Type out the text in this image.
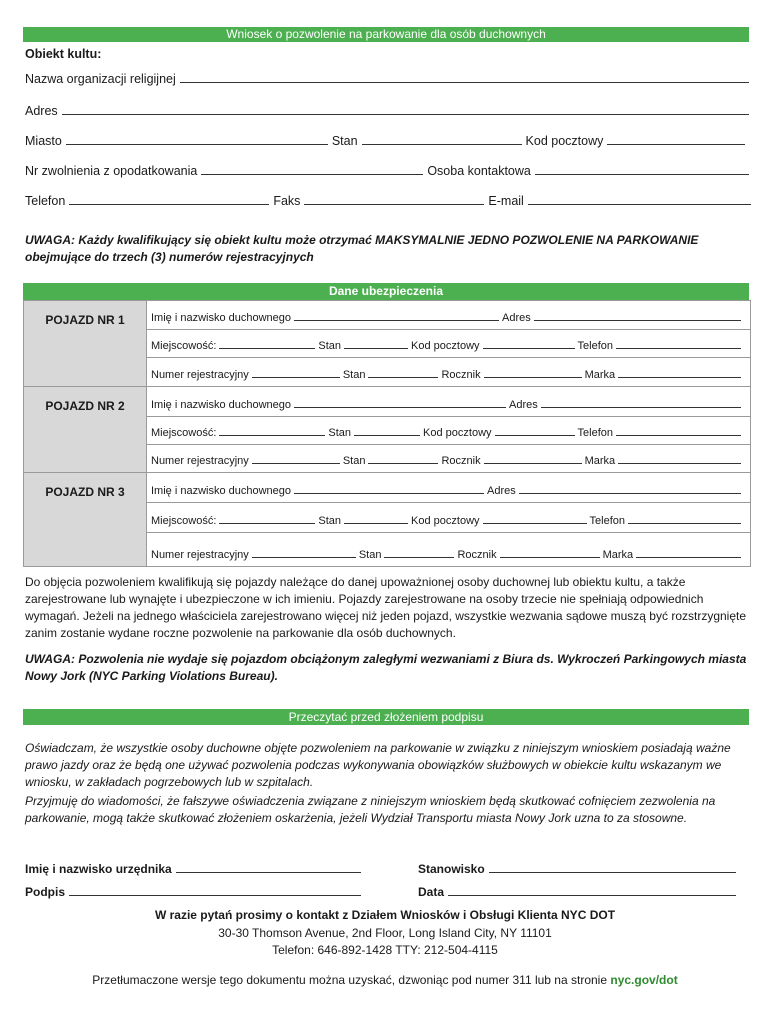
Wniosek o pozwolenie na parkowanie dla osób duchownych
Obiekt kultu:
Nazwa organizacji religijnej
Adres
Miasto	Stan	Kod pocztowy
Nr zwolnienia z opodatkowania	Osoba kontaktowa
Telefon	Faks	E-mail
UWAGA: Każdy kwalifikujący się obiekt kultu może otrzymać MAKSYMALNIE JEDNO POZWOLENIE NA PARKOWANIE obejmujące do trzech (3) numerów rejestracyjnych
Dane ubezpieczenia
POJAZD NR 1	Imię i nazwisko duchownego	Adres
Miejscowość:	Stan	Kod pocztowy	Telefon
Numer rejestracyjny	Stan	Rocznik	Marka
POJAZD NR 2	Imię i nazwisko duchownego	Adres
Miejscowość:	Stan	Kod pocztowy	Telefon
Numer rejestracyjny	Stan	Rocznik	Marka
POJAZD NR 3	Imię i nazwisko duchownego	Adres
Miejscowość:	Stan	Kod pocztowy	Telefon
Numer rejestracyjny	Stan	Rocznik	Marka
Do objęcia pozwoleniem kwalifikują się pojazdy należące do danej upoważnionej osoby duchownej lub obiektu kultu, a także zarejestrowane lub wynajęte i ubezpieczone w ich imieniu. Pojazdy zarejestrowane na osoby trzecie nie spełniają odpowiednich wymagań. Jeżeli na jednego właściciela zarejestrowano więcej niż jeden pojazd, wszystkie wezwania sądowe muszą być rozstrzygnięte zanim zostanie wydane roczne pozwolenie na parkowanie dla osób duchownych.
UWAGA: Pozwolenia nie wydaje się pojazdom obciążonym zaległymi wezwaniami z Biura ds. Wykroczeń Parkingowych miasta Nowy Jork (NYC Parking Violations Bureau).
Przeczytać przed złożeniem podpisu
Oświadczam, że wszystkie osoby duchowne objęte pozwoleniem na parkowanie w związku z niniejszym wnioskiem posiadają ważne prawo jazdy oraz że będą one używać pozwolenia podczas wykonywania obowiązków służbowych w obiekcie kultu wskazanym we wniosku, w zakładach pogrzebowych lub w szpitalach.
Przyjmuję do wiadomości, że fałszywe oświadczenia związane z niniejszym wnioskiem będą skutkować cofnięciem zezwolenia na parkowanie, mogą także skutkować złożeniem oskarżenia, jeżeli Wydział Transportu miasta Nowy Jork uzna to za stosowne.
Imię i nazwisko urzędnika	Stanowisko
Podpis	Data
W razie pytań prosimy o kontakt z Działem Wniosków i Obsługi Klienta NYC DOT
30-30 Thomson Avenue, 2nd Floor, Long Island City, NY 11101
Telefon: 646-892-1428 TTY: 212-504-4115
Przetłumaczone wersje tego dokumentu można uzyskać, dzwoniąc pod numer 311 lub na stronie nyc.gov/dot
